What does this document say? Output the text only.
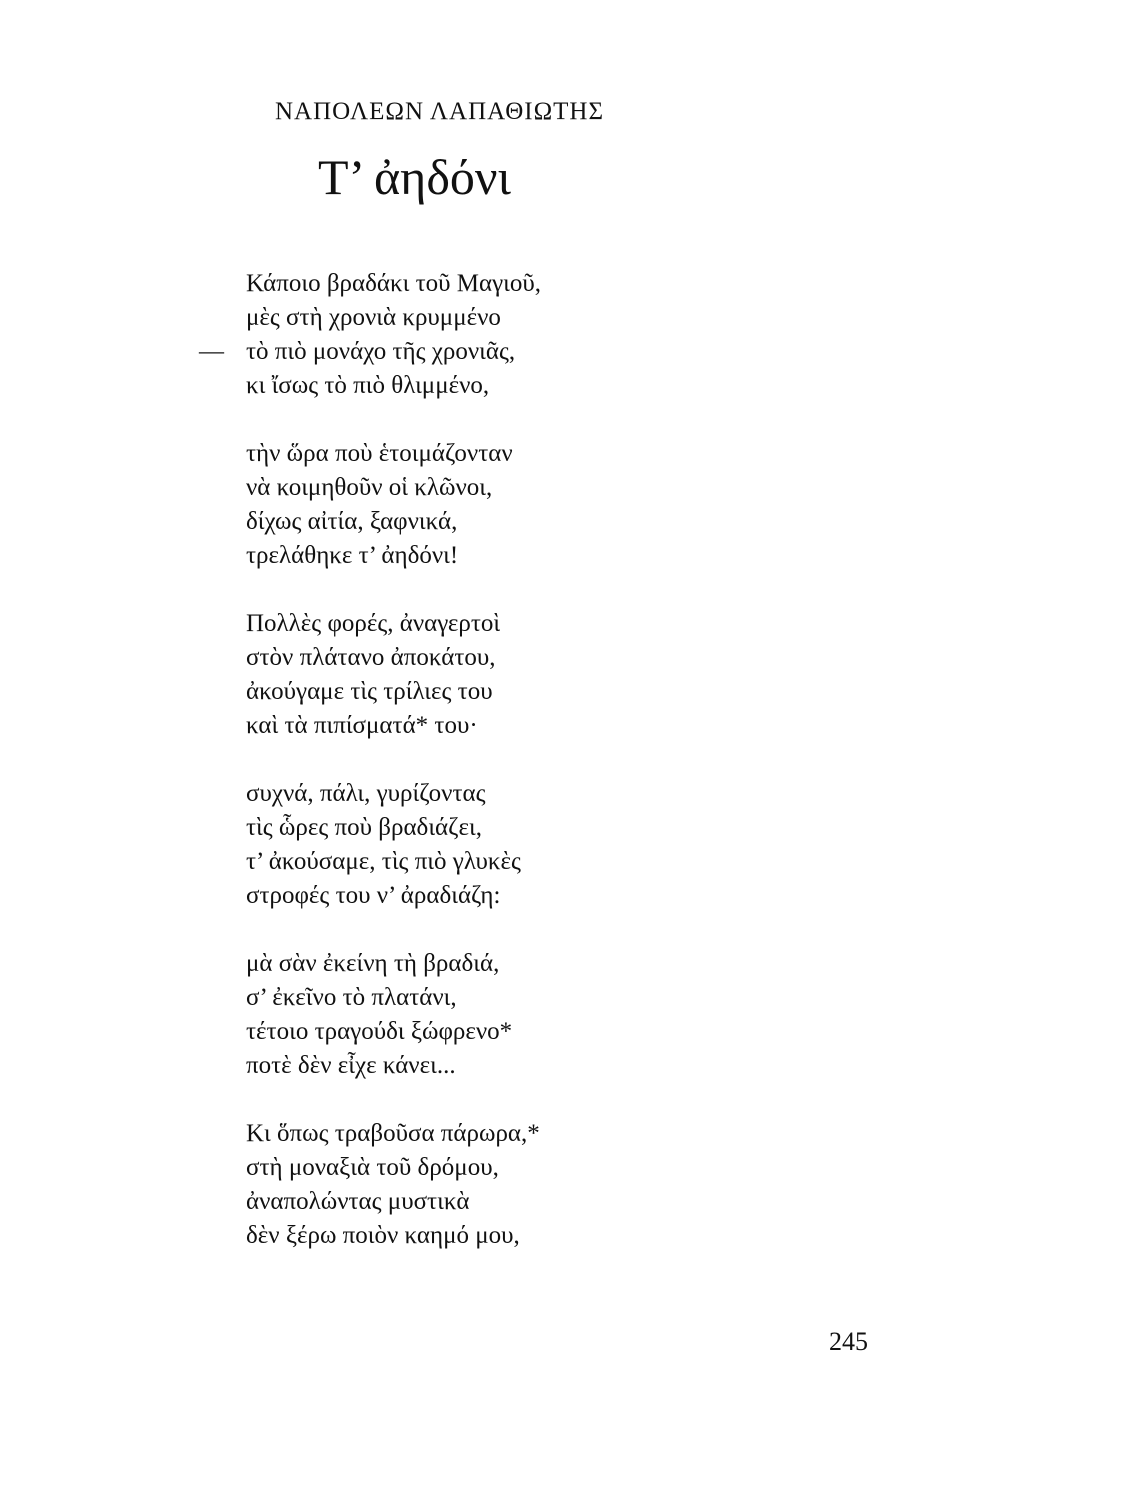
ΝΑΠΟΛΕΩΝ ΛΑΠΑΘΙΩΤΗΣ
Τ’ ἀηδόνι
Κάποιο βραδάκι τοῦ Μαγιοῦ,
μὲς στὴ χρονιὰ κρυμμένο
— τὸ πιὸ μονάχο τῆς χρονιᾶς,
κι ἴσως τὸ πιὸ θλιμμένο,
τὴν ὥρα ποὺ ἑτοιμάζονταν
νὰ κοιμηθοῦν οἱ κλῶνοι,
δίχως αἰτία, ξαφνικά,
τρελάθηκε τ’ ἀηδόνι!
Πολλὲς φορές, ἀναγερτοὶ
στὸν πλάτανο ἀποκάτου,
ἀκούγαμε τὶς τρίλιες του
καὶ τὰ πιπίσματά* του·
συχνά, πάλι, γυρίζοντας
τὶς ὧρες ποὺ βραδιάζει,
τ’ ἀκούσαμε, τὶς πιὸ γλυκὲς
στροφές του ν’ ἀραδιάζη:
μὰ σὰν ἐκείνη τὴ βραδιά,
σ’ ἐκεῖνο τὸ πλατάνι,
τέτοιο τραγούδι ξώφρενο*
ποτὲ δὲν εἶχε κάνει...
Κι ὅπως τραβοῦσα πάρωρα,*
στὴ μοναξιὰ τοῦ δρόμου,
ἀναπολώντας μυστικὰ
δὲν ξέρω ποιὸν καημό μου,
245
